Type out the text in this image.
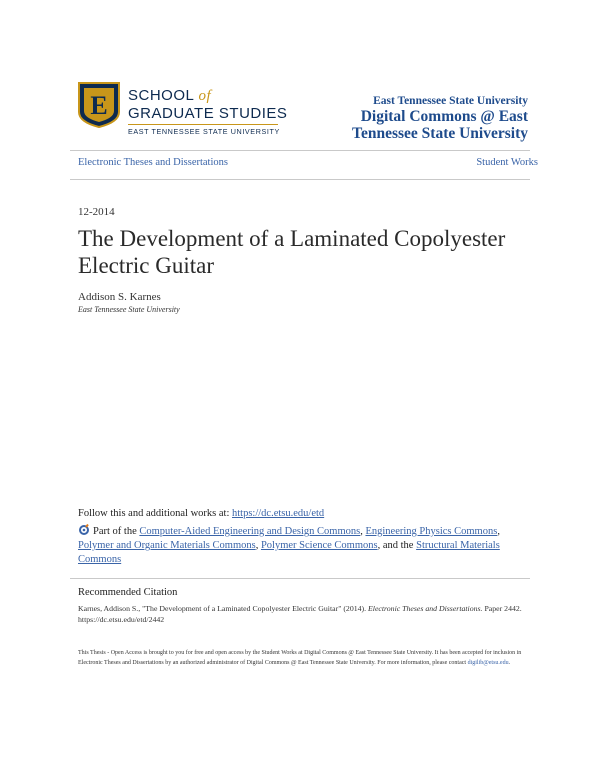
E SCHOOL of
GRADUATE STUDIES
EAST TENNESSEE STATE UNIVERSITY
East Tennessee State University
Digital Commons @ East
Tennessee State University
Electronic Theses and Dissertations	Student Works
12-2014
The Development of a Laminated Copolyester Electric Guitar
Addison S. Karnes
East Tennessee State University
Follow this and additional works at: https://dc.etsu.edu/etd
Part of the Computer-Aided Engineering and Design Commons, Engineering Physics Commons, Polymer and Organic Materials Commons, Polymer Science Commons, and the Structural Materials Commons
Recommended Citation
Karnes, Addison S., "The Development of a Laminated Copolyester Electric Guitar" (2014). Electronic Theses and Dissertations. Paper 2442. https://dc.etsu.edu/etd/2442
This Thesis - Open Access is brought to you for free and open access by the Student Works at Digital Commons @ East Tennessee State University. It has been accepted for inclusion in Electronic Theses and Dissertations by an authorized administrator of Digital Commons @ East Tennessee State University. For more information, please contact digilib@etsu.edu.
